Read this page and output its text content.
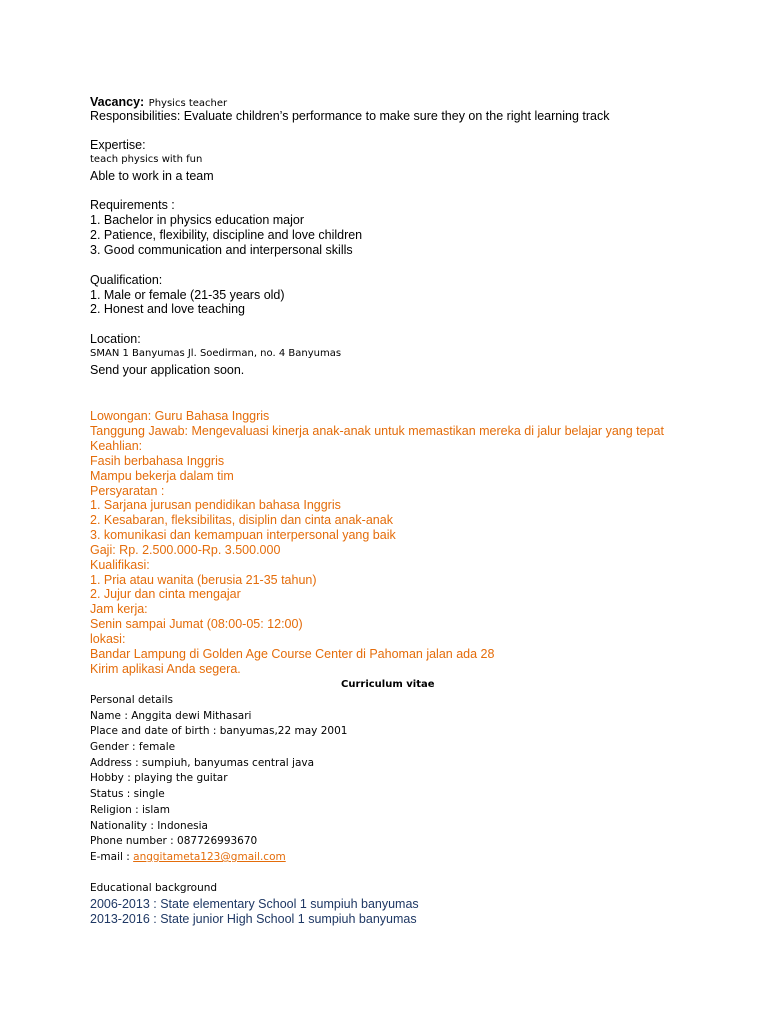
Vacancy: Physics teacher
Responsibilities: Evaluate children’s performance to make sure they on the right learning track
Expertise:
teach physics with fun
Able to work in a team
Requirements :
1. Bachelor in physics education major
2. Patience, flexibility, discipline and love children
3. Good communication and interpersonal skills
Qualification:
1. Male or female (21-35 years old)
2. Honest and love teaching
Location:
SMAN 1 Banyumas Jl. Soedirman, no. 4 Banyumas
Send your application soon.
Lowongan: Guru Bahasa Inggris
Tanggung Jawab: Mengevaluasi kinerja anak-anak untuk memastikan mereka di jalur belajar yang tepat
Keahlian:
Fasih berbahasa Inggris
Mampu bekerja dalam tim
Persyaratan :
1. Sarjana jurusan pendidikan bahasa Inggris
2. Kesabaran, fleksibilitas, disiplin dan cinta anak-anak
3. komunikasi dan kemampuan interpersonal yang baik
Gaji: Rp. 2.500.000-Rp. 3.500.000
Kualifikasi:
1. Pria atau wanita (berusia 21-35 tahun)
2. Jujur dan cinta mengajar
Jam kerja:
Senin sampai Jumat (08:00-05: 12:00)
lokasi:
Bandar Lampung di Golden Age Course Center di Pahoman jalan ada 28
Kirim aplikasi Anda segera.
Curriculum vitae
Personal details
Name : Anggita dewi Mithasari
Place and date of birth : banyumas,22 may 2001
Gender : female
Address : sumpiuh, banyumas central java
Hobby : playing the guitar
Status : single
Religion : islam
Nationality : Indonesia
Phone number : 087726993670
E-mail : anggitameta123@gmail.com
Educational background
2006-2013 : State elementary School 1 sumpiuh banyumas
2013-2016 : State junior High School 1 sumpiuh banyumas
